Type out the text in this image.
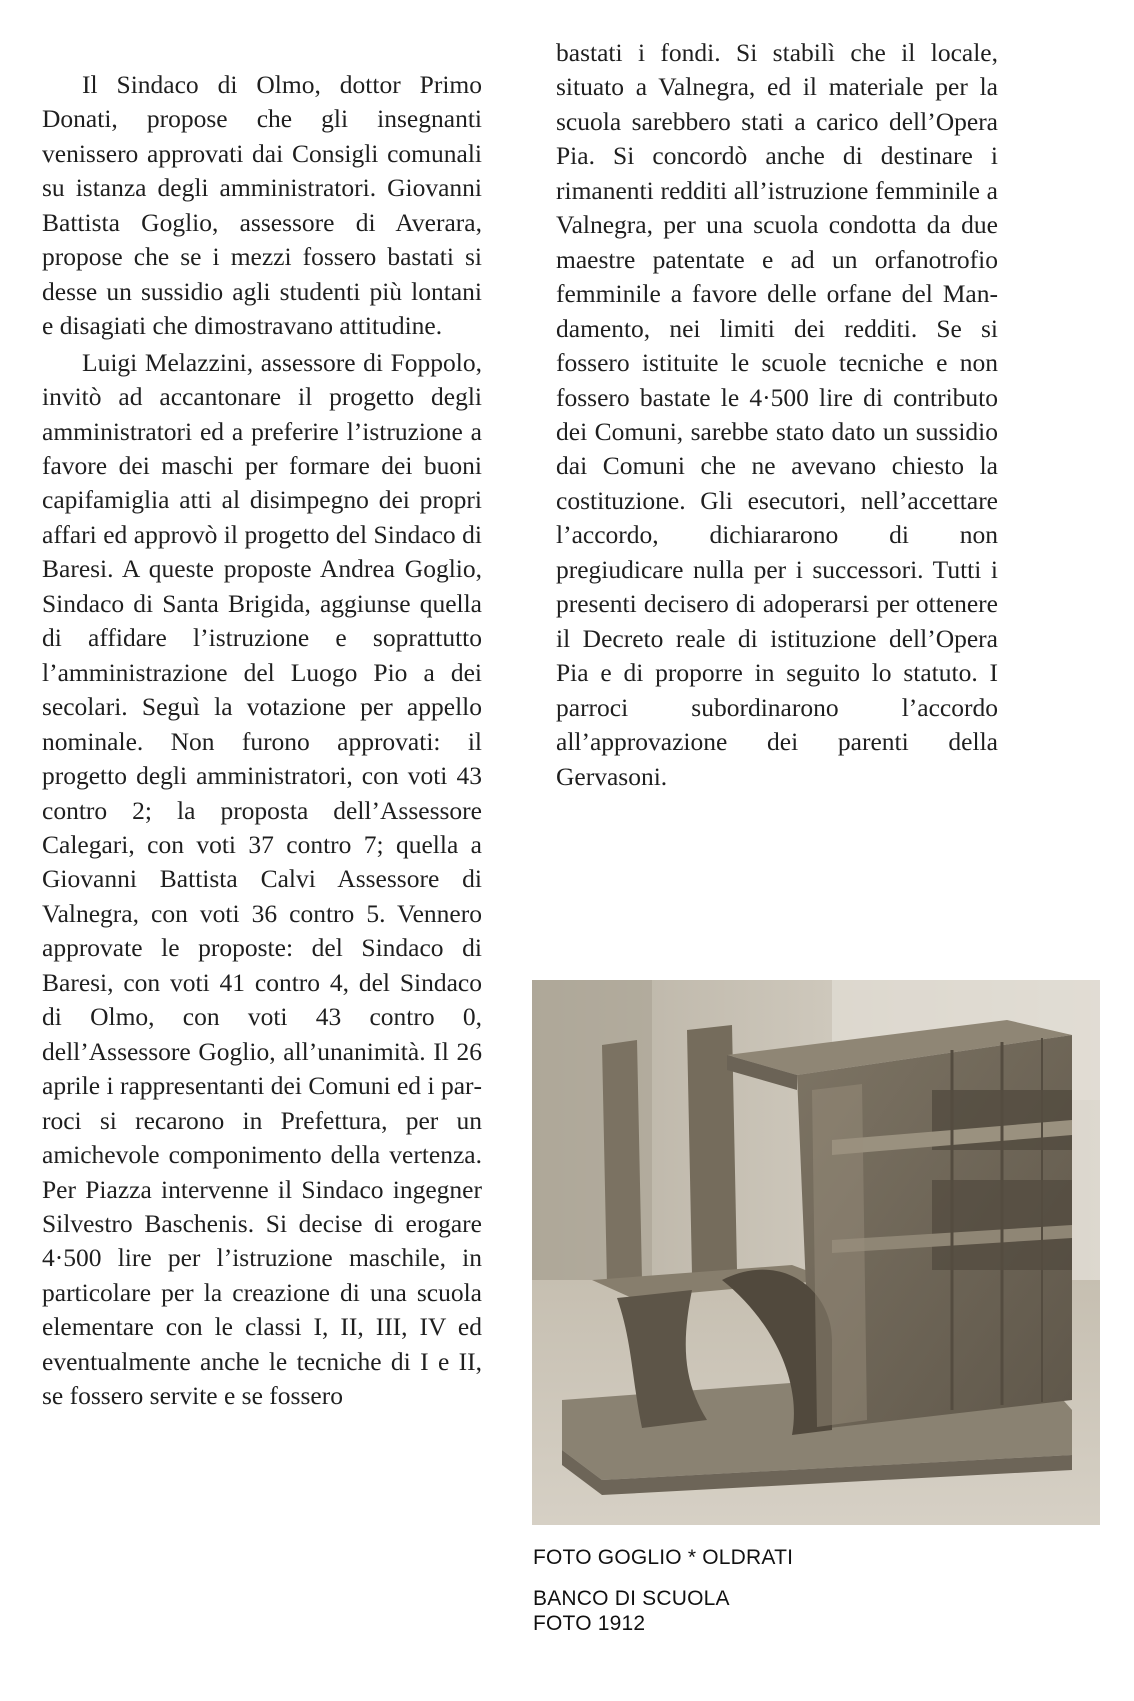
Il Sindaco di Olmo, dottor Primo Donati, propose che gli insegnanti venissero approvati dai Consigli comunali su istanza degli amministratori. Giovanni Battista Goglio, assessore di Averara, propose che se i mezzi fossero bastati si desse un sussidio agli studenti più lontani e disagiati che dimostravano attitudine.

Luigi Melazzini, assessore di Foppolo, invitò ad accantonare il progetto degli amministratori ed a preferire l’istruzione a favore dei maschi per formare dei buoni capifamiglia atti al disimpegno dei propri affari ed approvò il progetto del Sindaco di Baresi. A queste proposte Andrea Goglio, Sindaco di Santa Brigida, aggiunse quella di affidare l’istruzione e soprattutto l’amministrazione del Luogo Pio a dei secolari. Seguì la votazione per appello nominale. Non furono approvati: il progetto degli amministratori, con voti 43 contro 2; la proposta dell’Assessore Calegari, con voti 37 contro 7; quella a Giovanni Battista Calvi Assessore di Valnegra, con voti 36 contro 5. Vennero approvate le proposte: del Sindaco di Baresi, con voti 41 contro 4, del Sindaco di Olmo, con voti 43 contro 0, dell’Assessore Goglio, all’unanimità. Il 26 aprile i rappresentanti dei Comuni ed i parroci si recarono in Prefettura, per un amichevole componimento della vertenza. Per Piazza intervenne il Sindaco ingegner Silvestro Baschenis. Si decise di erogare 4·500 lire per l’istruzione maschile, in particolare per la creazione di una scuola elementare con le classi I, II, III, IV ed eventualmente anche le tecniche di I e II, se fossero servite e se fossero

bastati i fondi. Si stabilì che il locale, situato a Valnegra, ed il materiale per la scuola sarebbero stati a carico dell’Opera Pia. Si concordò anche di destinare i rimanenti redditi all’istruzione femminile a Valnegra, per una scuola condotta da due maestre patentate e ad un orfanotrofio femminile a favore delle orfane del Mandamento, nei limiti dei redditi. Se si fossero istituite le scuole tecniche e non fossero bastate le 4·500 lire di contributo dei Comuni, sarebbe stato dato un sussidio dai Comuni che ne avevano chiesto la costituzione. Gli esecutori, nell’accettare l’accordo, dichiararono di non pregiudicare nulla per i successori. Tutti i presenti decisero di adoperarsi per ottenere il Decreto reale di istituzione dell’Opera Pia e di proporre in seguito lo statuto. I parroci subordinarono l’accordo all’approvazione dei parenti della Gervasoni.

FOTO GOGLIO * OLDRATI
BANCO DI SCUOLA
FOTO 1912
